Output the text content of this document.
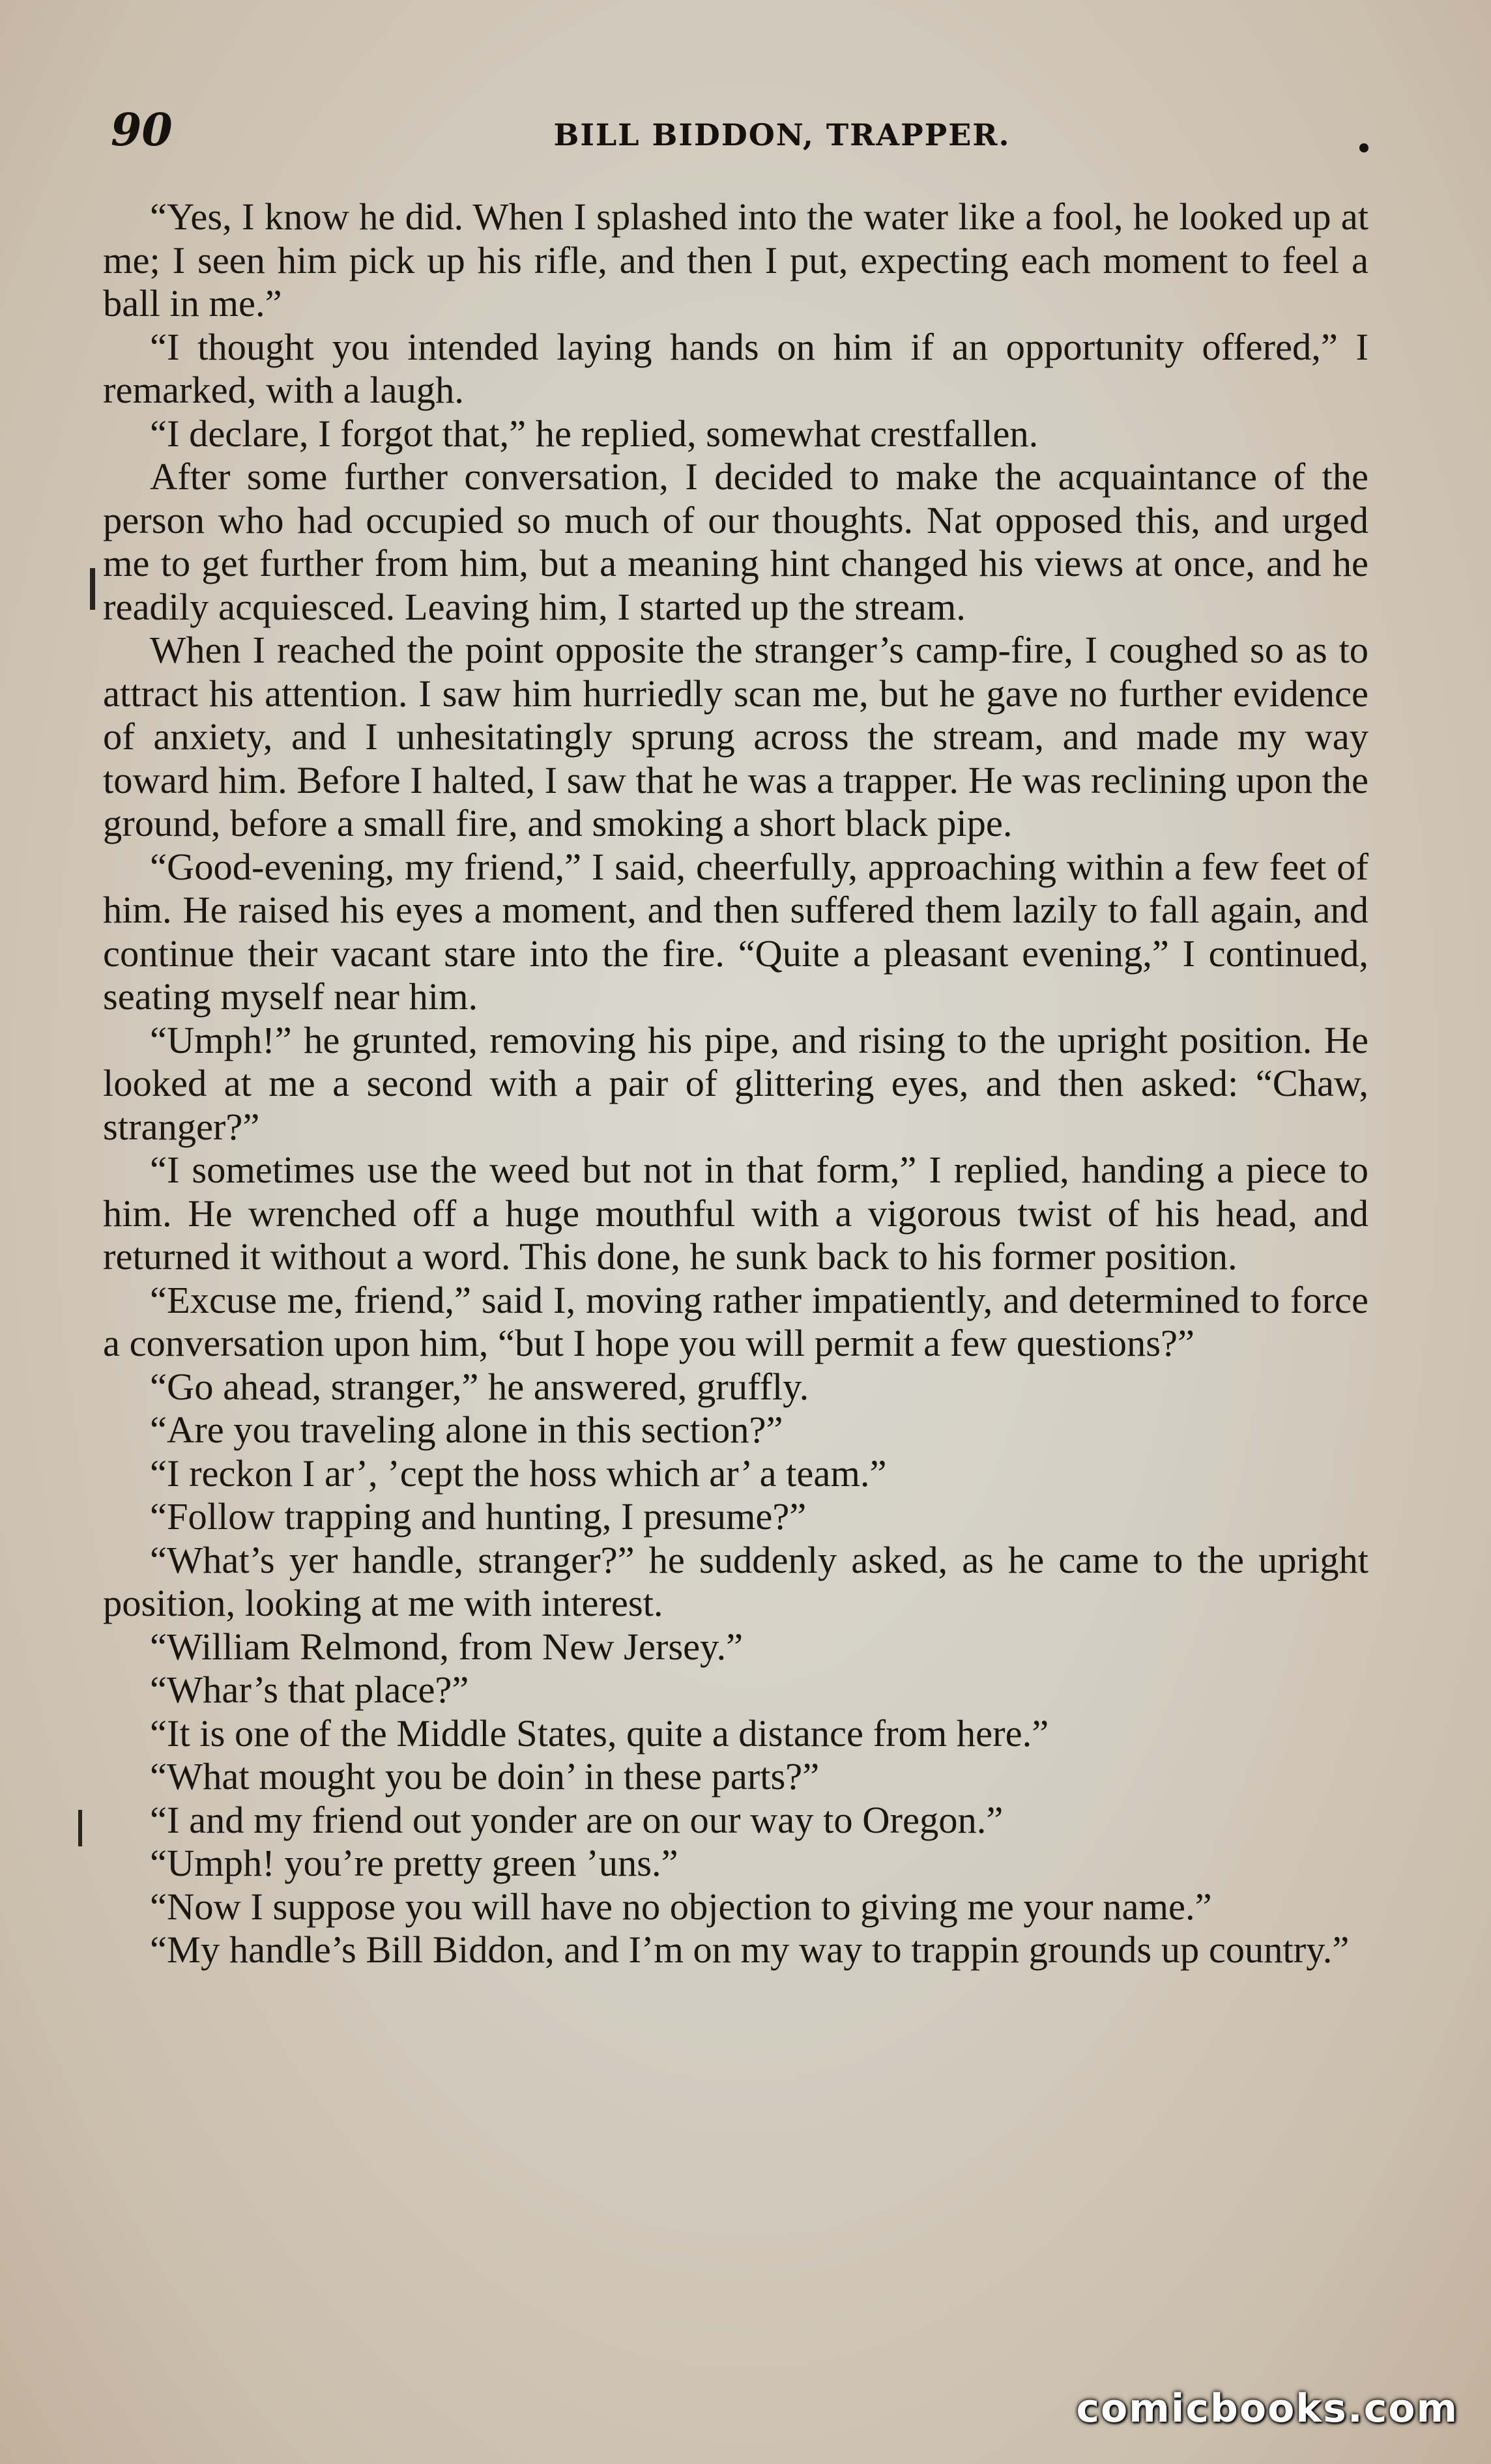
90	BILL BIDDON, TRAPPER.

“Yes, I know he did. When I splashed into the water like a fool, he looked up at me; I seen him pick up his rifle, and then I put, expecting each moment to feel a ball in me.”

“I thought you intended laying hands on him if an opportunity offered,” I remarked, with a laugh.

“I declare, I forgot that,” he replied, somewhat crestfallen.

After some further conversation, I decided to make the acquaintance of the person who had occupied so much of our thoughts. Nat opposed this, and urged me to get further from him, but a meaning hint changed his views at once, and he readily acquiesced. Leaving him, I started up the stream.

When I reached the point opposite the stranger’s camp-fire, I coughed so as to attract his attention. I saw him hurriedly scan me, but he gave no further evidence of anxiety, and I unhesitatingly sprung across the stream, and made my way toward him. Before I halted, I saw that he was a trapper. He was reclining upon the ground, before a small fire, and smoking a short black pipe.

“Good-evening, my friend,” I said, cheerfully, approaching within a few feet of him. He raised his eyes a moment, and then suffered them lazily to fall again, and continue their vacant stare into the fire. “Quite a pleasant evening,” I continued, seating myself near him.

“Umph!” he grunted, removing his pipe, and rising to the upright position. He looked at me a second with a pair of glittering eyes, and then asked: “Chaw, stranger?”

“I sometimes use the weed but not in that form,” I replied, handing a piece to him. He wrenched off a huge mouthful with a vigorous twist of his head, and returned it without a word. This done, he sunk back to his former position.

“Excuse me, friend,” said I, moving rather impatiently, and determined to force a conversation upon him, “but I hope you will permit a few questions?”

“Go ahead, stranger,” he answered, gruffly.

“Are you traveling alone in this section?”

“I reckon I ar’, ’cept the hoss which ar’ a team.”

“Follow trapping and hunting, I presume?”

“What’s yer handle, stranger?” he suddenly asked, as he came to the upright position, looking at me with interest.

“William Relmond, from New Jersey.”

“Whar’s that place?”

“It is one of the Middle States, quite a distance from here.”

“What mought you be doin’ in these parts?”

“I and my friend out yonder are on our way to Oregon.”

“Umph! you’re pretty green ’uns.”

“Now I suppose you will have no objection to giving me your name.”

“My handle’s Bill Biddon, and I’m on my way to trappin grounds up country.”

comicbooks.com
